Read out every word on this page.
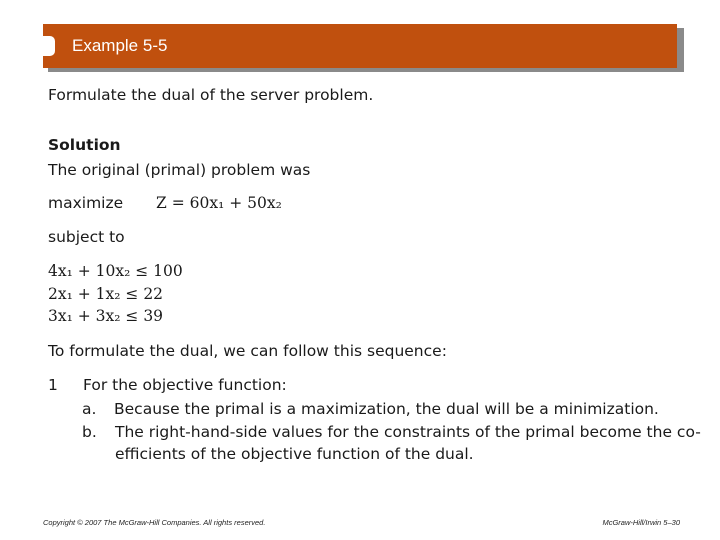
Example 5-5
Formulate the dual of the server problem.
Solution
The original (primal) problem was
maximize Z = 60x₁ + 50x₂
subject to
4x₁ + 10x₂ ≤ 100
2x₁ + 1x₂ ≤ 22
3x₁ + 3x₂ ≤ 39
To formulate the dual, we can follow this sequence:
1 For the objective function:
a. Because the primal is a maximization, the dual will be a minimization.
b. The right-hand-side values for the constraints of the primal become the co-
efficients of the objective function of the dual.
Copyright © 2007 The McGraw-Hill Companies. All rights reserved.	McGraw-Hill/Irwin 5–30
